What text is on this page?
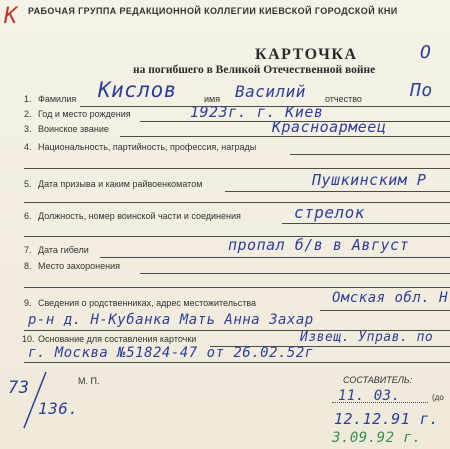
К РАБОЧАЯ ГРУППА РЕДАКЦИОННОЙ КОЛЛЕГИИ КИЕВСКОЙ ГОРОДСКОЙ КНИ
КАРТОЧКА
на погибшего в Великой Отечественной войне
О
1. Фамилия	имя	отчество
Кислов	Василий	По
2. Год и место рождения	1923г. г. Киев
3. Воинское звание	Красноармеец
4. Национальность, партийность, профессия, награды
5. Дата призыва и каким райвоенкоматом	Пушкинским Р
6. Должность, номер воинской части и соединения	стрелок
7. Дата гибели	пропал б/в в Август
8. Место захоронения
9. Сведения о родственниках, адрес местожительства	Омская обл. Н
р-н д. Н-Кубанка Мать Анна Захар
10. Основание для составления карточки	Извещ. Управ. по
г. Москва №51824-47 от 26.02.52г
73
136.
М. П.	СОСТАВИТЕЛЬ:
11. 03.	(до
12.12.91 г.
3.09.92 г.
